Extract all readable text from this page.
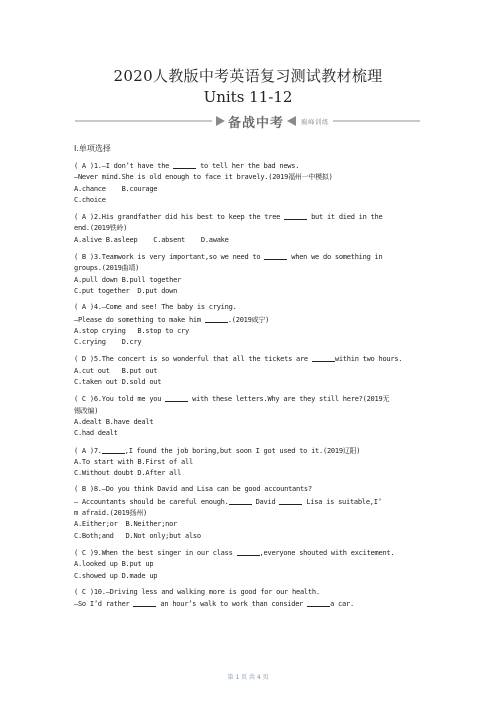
2020人教版中考英语复习测试教材梳理
Units 11-12
备战中考	巅峰训练
Ⅰ.单项选择
( A )1.—I don’t have the	to tell her the bad news.
—Never mind.She is old enough to face it bravely.(2019福州一中模拟)
A.chance    B.courage
C.choice
( A )2.His grandfather did his best to keep the tree	but it died in the
end.(2019铁岭)
A.alive B.asleep    C.absent    D.awake
( B )3.Teamwork is very important,so we need to	when we do something in
groups.(2019曲靖)
A.pull down B.pull together
C.put together  D.put down
( A )4.—Come and see! The baby is crying.
—Please do something to make him	.(2019咸宁)
A.stop crying   B.stop to cry
C.crying    D.cry
( D )5.The concert is so wonderful that all the tickets are	within two hours.
A.cut out   B.put out
C.taken out D.sold out
( C )6.You told me you	with these letters.Why are they still here?(2019无
锡改编)
A.dealt B.have dealt
C.had dealt
( A )7.	,I found the job boring,but soon I got used to it.(2019辽阳)
A.To start with B.First of all
C.Without doubt D.After all
( B )8.—Do you think David and Lisa can be good accountants?
— Accountants should be careful enough.	David	Lisa is suitable,I’
m afraid.(2019扬州)
A.Either;or  B.Neither;nor
C.Both;and   D.Not only;but also
( C )9.When the best singer in our class	,everyone shouted with excitement.
A.looked up B.put up
C.showed up D.made up
( C )10.—Driving less and walking more is good for our health.
—So I’d rather	an hour’s walk to work than consider	a car.
第 1 页 共 4 页
